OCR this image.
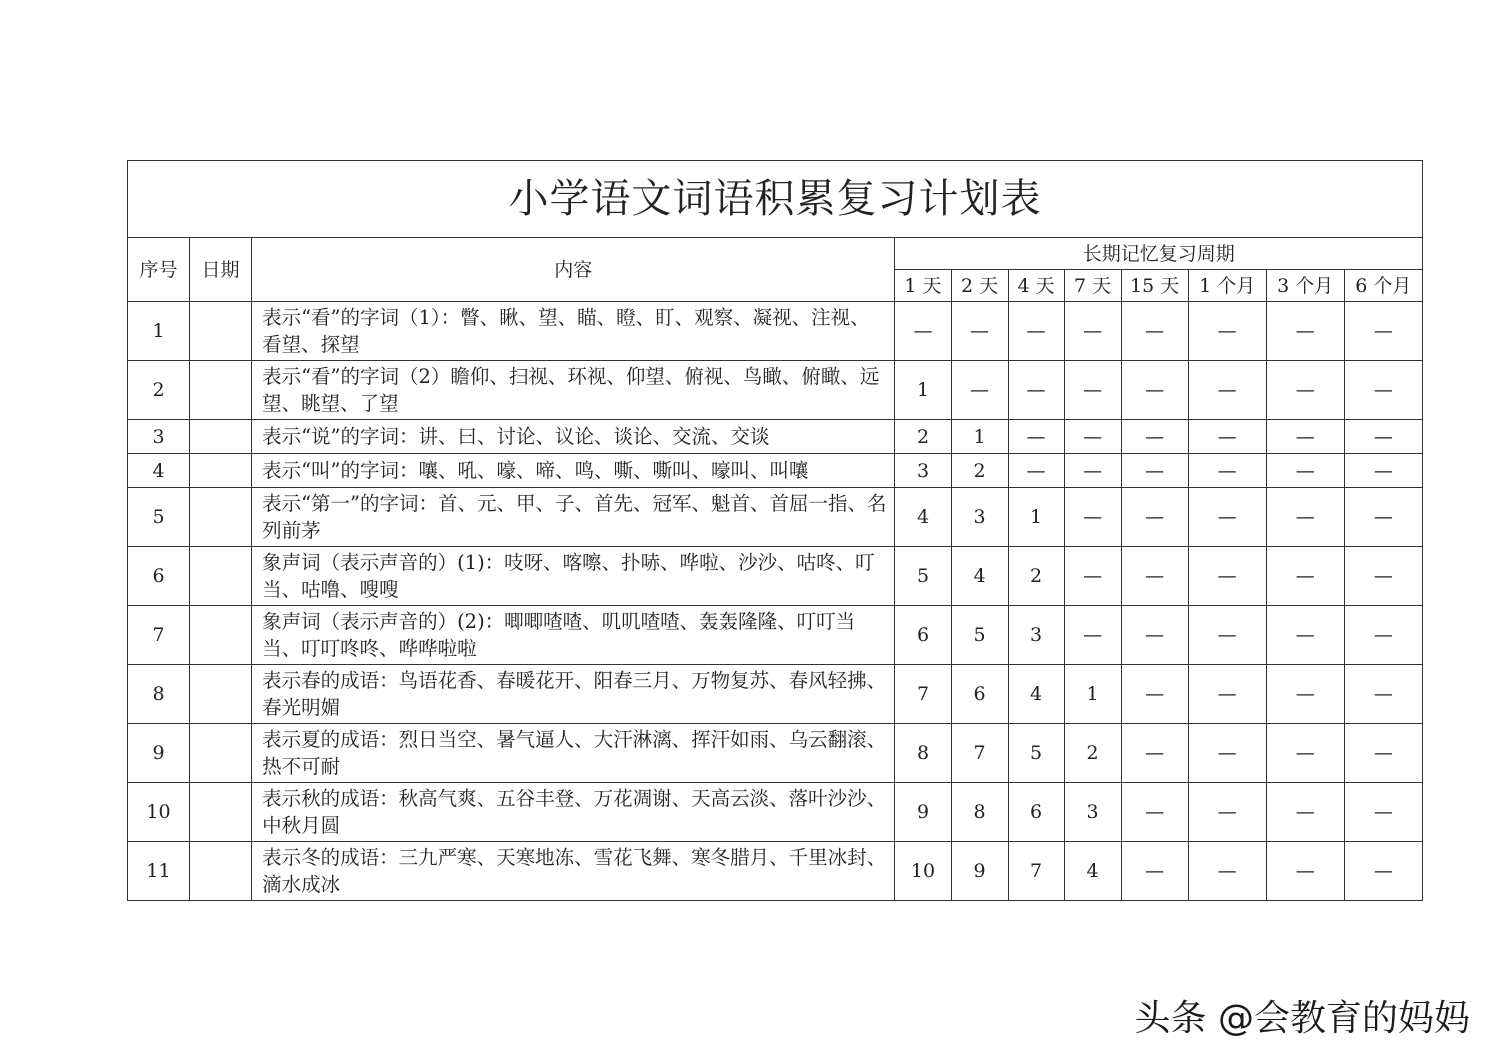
小学语文词语积累复习计划表										
序号	日期	内容	长期记忆复习周期							
			1 天	2 天	4 天	7 天	15 天	1 个月	3 个月	6 个月
1		表示“看”的字词（1）：瞥、瞅、望、瞄、瞪、盯、观察、凝视、注视、看望、探望	—	—	—	—	—	—	—	—
2		表示“看”的字词（2）瞻仰、扫视、环视、仰望、俯视、鸟瞰、俯瞰、远望、眺望、了望	1	—	—	—	—	—	—	—
3		表示“说”的字词：讲、曰、讨论、议论、谈论、交流、交谈	2	1	—	—	—	—	—	—
4		表示“叫”的字词：嚷、吼、嚎、啼、鸣、嘶、嘶叫、嚎叫、叫嚷	3	2	—	—	—	—	—	—
5		表示“第一”的字词：首、元、甲、子、首先、冠军、魁首、首屈一指、名列前茅	4	3	1	—	—	—	—	—
6		象声词（表示声音的）(1)：吱呀、喀嚓、扑哧、哗啦、沙沙、咕咚、叮当、咕噜、嗖嗖	5	4	2	—	—	—	—	—
7		象声词（表示声音的）(2)：唧唧喳喳、叽叽喳喳、轰轰隆隆、叮叮当当、叮叮咚咚、哗哗啦啦	6	5	3	—	—	—	—	—
8		表示春的成语：鸟语花香、春暖花开、阳春三月、万物复苏、春风轻拂、春光明媚	7	6	4	1	—	—	—	—
9		表示夏的成语：烈日当空、暑气逼人、大汗淋漓、挥汗如雨、乌云翻滚、热不可耐	8	7	5	2	—	—	—	—
10		表示秋的成语：秋高气爽、五谷丰登、万花凋谢、天高云淡、落叶沙沙、中秋月圆	9	8	6	3	—	—	—	—
11		表示冬的成语：三九严寒、天寒地冻、雪花飞舞、寒冬腊月、千里冰封、滴水成冰	10	9	7	4	—	—	—	—
头条 @会教育的妈妈
